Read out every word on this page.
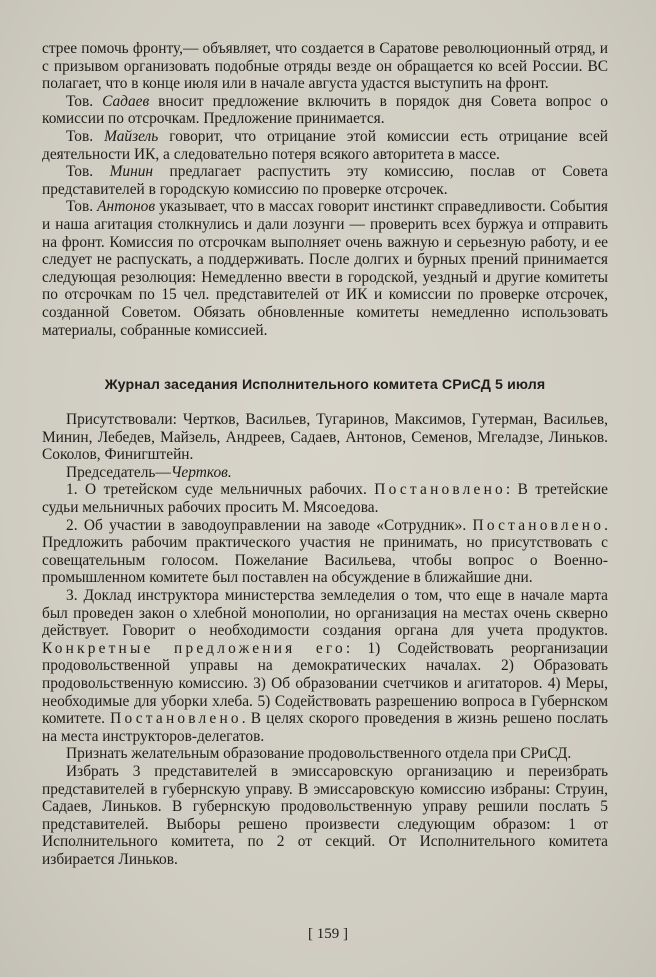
стрее помочь фронту,— объявляет, что создается в Саратове революционный отряд, и с призывом организовать подобные отряды везде он обращается ко всей России. ВС полагает, что в конце июля или в начале августа удастся выступить на фронт.

Тов. Садаев вносит предложение включить в порядок дня Совета вопрос о комиссии по отсрочкам. Предложение принимается.

Тов. Майзель говорит, что отрицание этой комиссии есть отрицание всей деятельности ИК, а следовательно потеря всякого авторитета в массе.

Тов. Минин предлагает распустить эту комиссию, послав от Совета представителей в городскую комиссию по проверке отсрочек.

Тов. Антонов указывает, что в массах говорит инстинкт справедливости. События и наша агитация столкнулись и дали лозунги — проверить всех буржуа и отправить на фронт. Комиссия по отсрочкам выполняет очень важную и серьезную работу, и ее следует не распускать, а поддерживать. После долгих и бурных прений принимается следующая резолюция: Немедленно ввести в городской, уездный и другие комитеты по отсрочкам по 15 чел. представителей от ИК и комиссии по проверке отсрочек, созданной Советом. Обязать обновленные комитеты немедленно использовать материалы, собранные комиссией.

Журнал заседания Исполнительного комитета СРиСД 5 июля

Присутствовали: Чертков, Васильев, Тугаринов, Максимов, Гутерман, Васильев, Минин, Лебедев, Майзель, Андреев, Садаев, Антонов, Семенов, Мгеладзе, Линьков. Соколов, Финигштейн.

Председатель—Чертков.

1. О третейском суде мельничных рабочих. Постановлено: В третейские судьи мельничных рабочих просить М. Мясоедова.

2. Об участии в заводоуправлении на заводе «Сотрудник». Постановлено. Предложить рабочим практического участия не принимать, но присутствовать с совещательным голосом. Пожелание Васильева, чтобы вопрос о Военно-промышленном комитете был поставлен на обсуждение в ближайшие дни.

3. Доклад инструктора министерства земледелия о том, что еще в начале марта был проведен закон о хлебной монополии, но организация на местах очень скверно действует. Говорит о необходимости создания органа для учета продуктов. Конкретные предложения его: 1) Содействовать реорганизации продовольственной управы на демократических началах. 2) Образовать продовольственную комиссию. 3) Об образовании счетчиков и агитаторов. 4) Меры, необходимые для уборки хлеба. 5) Содействовать разрешению вопроса в Губернском комитете. Постановлено. В целях скорого проведения в жизнь решено послать на места инструкторов-делегатов.

Признать желательным образование продовольственного отдела при СРиСД.

Избрать 3 представителей в эмиссаровскую организацию и переизбрать представителей в губернскую управу. В эмиссаровскую комиссию избраны: Струин, Садаев, Линьков. В губернскую продовольственную управу решили послать 5 представителей. Выборы решено произвести следующим образом: 1 от Исполнительного комитета, по 2 от секций. От Исполнительного комитета избирается Линьков.

[ 159 ]
